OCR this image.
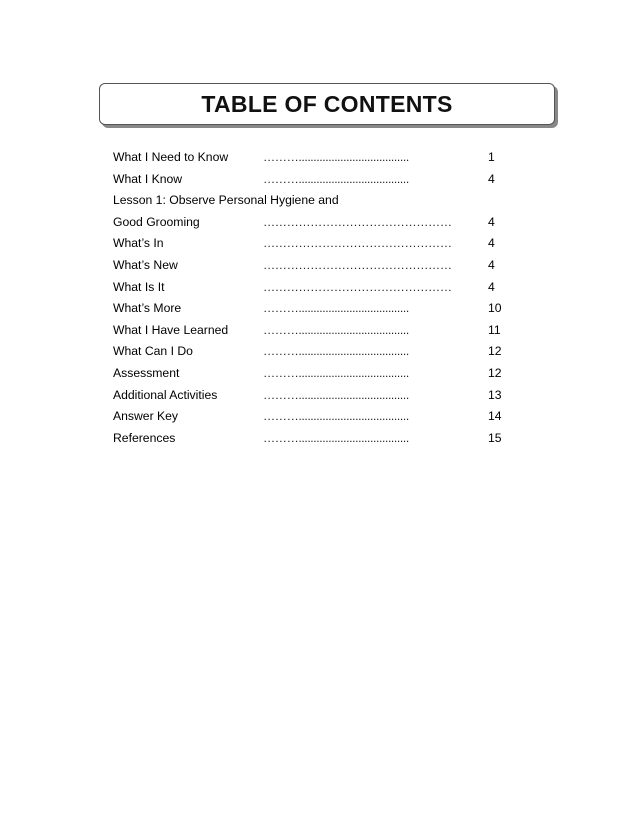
TABLE OF CONTENTS
What I Need to Know	……….....................................	1
What I Know	……….....................................	4
Lesson 1: Observe Personal Hygiene and
Good Grooming	…………………………………………	4
What’s In	…………………………………………	4
What’s New	…………………………………………	4
What Is It	…………………………………………	4
What’s More	……….....................................	10
What I Have Learned	……….....................................	11
What Can I Do	……….....................................	12
Assessment	……….....................................	12
Additional Activities	……….....................................	13
Answer Key	……….....................................	14
References	……….....................................	15
